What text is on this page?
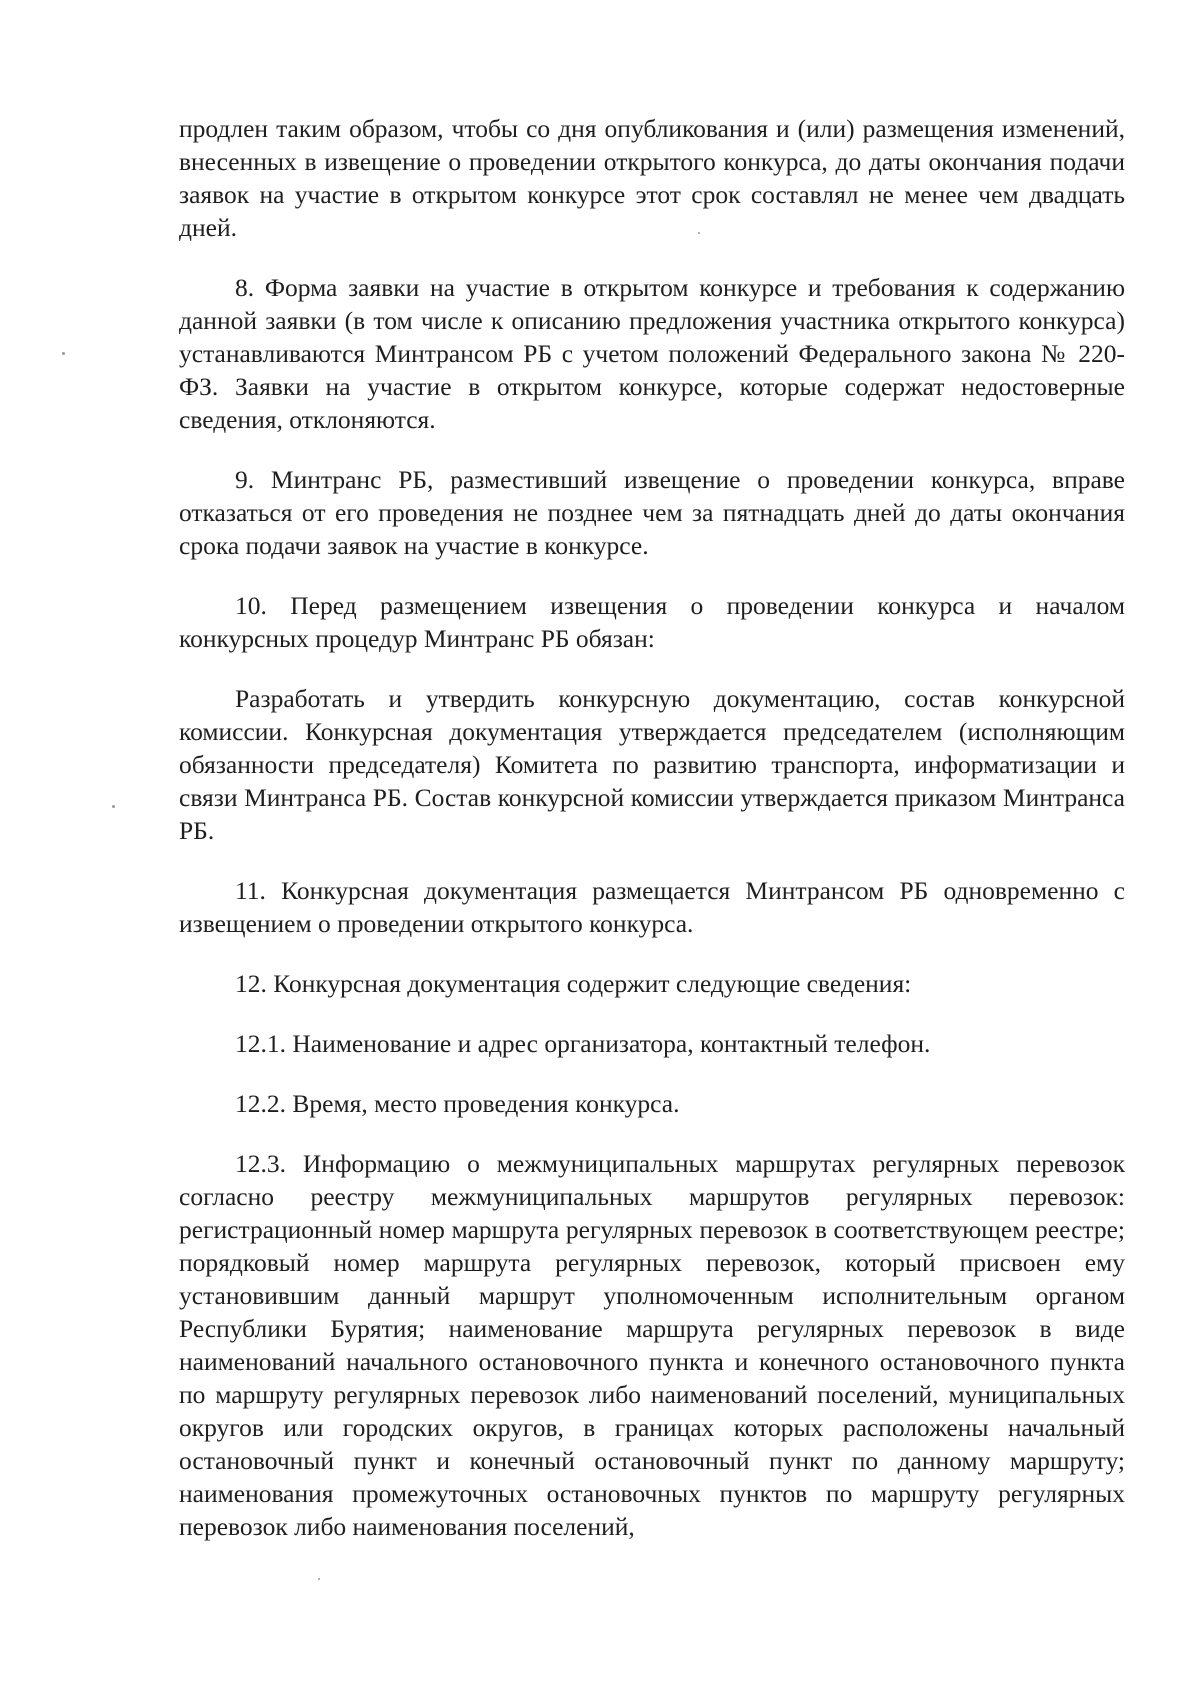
продлен таким образом, чтобы со дня опубликования и (или) размещения изменений, внесенных в извещение о проведении открытого конкурса, до даты окончания подачи заявок на участие в открытом конкурсе этот срок составлял не менее чем двадцать дней.

8. Форма заявки на участие в открытом конкурсе и требования к содержанию данной заявки (в том числе к описанию предложения участника открытого конкурса) устанавливаются Минтрансом РБ с учетом положений Федерального закона № 220-ФЗ. Заявки на участие в открытом конкурсе, которые содержат недостоверные сведения, отклоняются.

9. Минтранс РБ, разместивший извещение о проведении конкурса, вправе отказаться от его проведения не позднее чем за пятнадцать дней до даты окончания срока подачи заявок на участие в конкурсе.

10. Перед размещением извещения о проведении конкурса и началом конкурсных процедур Минтранс РБ обязан:

Разработать и утвердить конкурсную документацию, состав конкурсной комиссии. Конкурсная документация утверждается председателем (исполняющим обязанности председателя) Комитета по развитию транспорта, информатизации и связи Минтранса РБ. Состав конкурсной комиссии утверждается приказом Минтранса РБ.

11. Конкурсная документация размещается Минтрансом РБ одновременно с извещением о проведении открытого конкурса.

12. Конкурсная документация содержит следующие сведения:

12.1. Наименование и адрес организатора, контактный телефон.

12.2. Время, место проведения конкурса.

12.3. Информацию о межмуниципальных маршрутах регулярных перевозок согласно реестру межмуниципальных маршрутов регулярных перевозок: регистрационный номер маршрута регулярных перевозок в соответствующем реестре; порядковый номер маршрута регулярных перевозок, который присвоен ему установившим данный маршрут уполномоченным исполнительным органом Республики Бурятия; наименование маршрута регулярных перевозок в виде наименований начального остановочного пункта и конечного остановочного пункта по маршруту регулярных перевозок либо наименований поселений, муниципальных округов или городских округов, в границах которых расположены начальный остановочный пункт и конечный остановочный пункт по данному маршруту; наименования промежуточных остановочных пунктов по маршруту регулярных перевозок либо наименования поселений,
